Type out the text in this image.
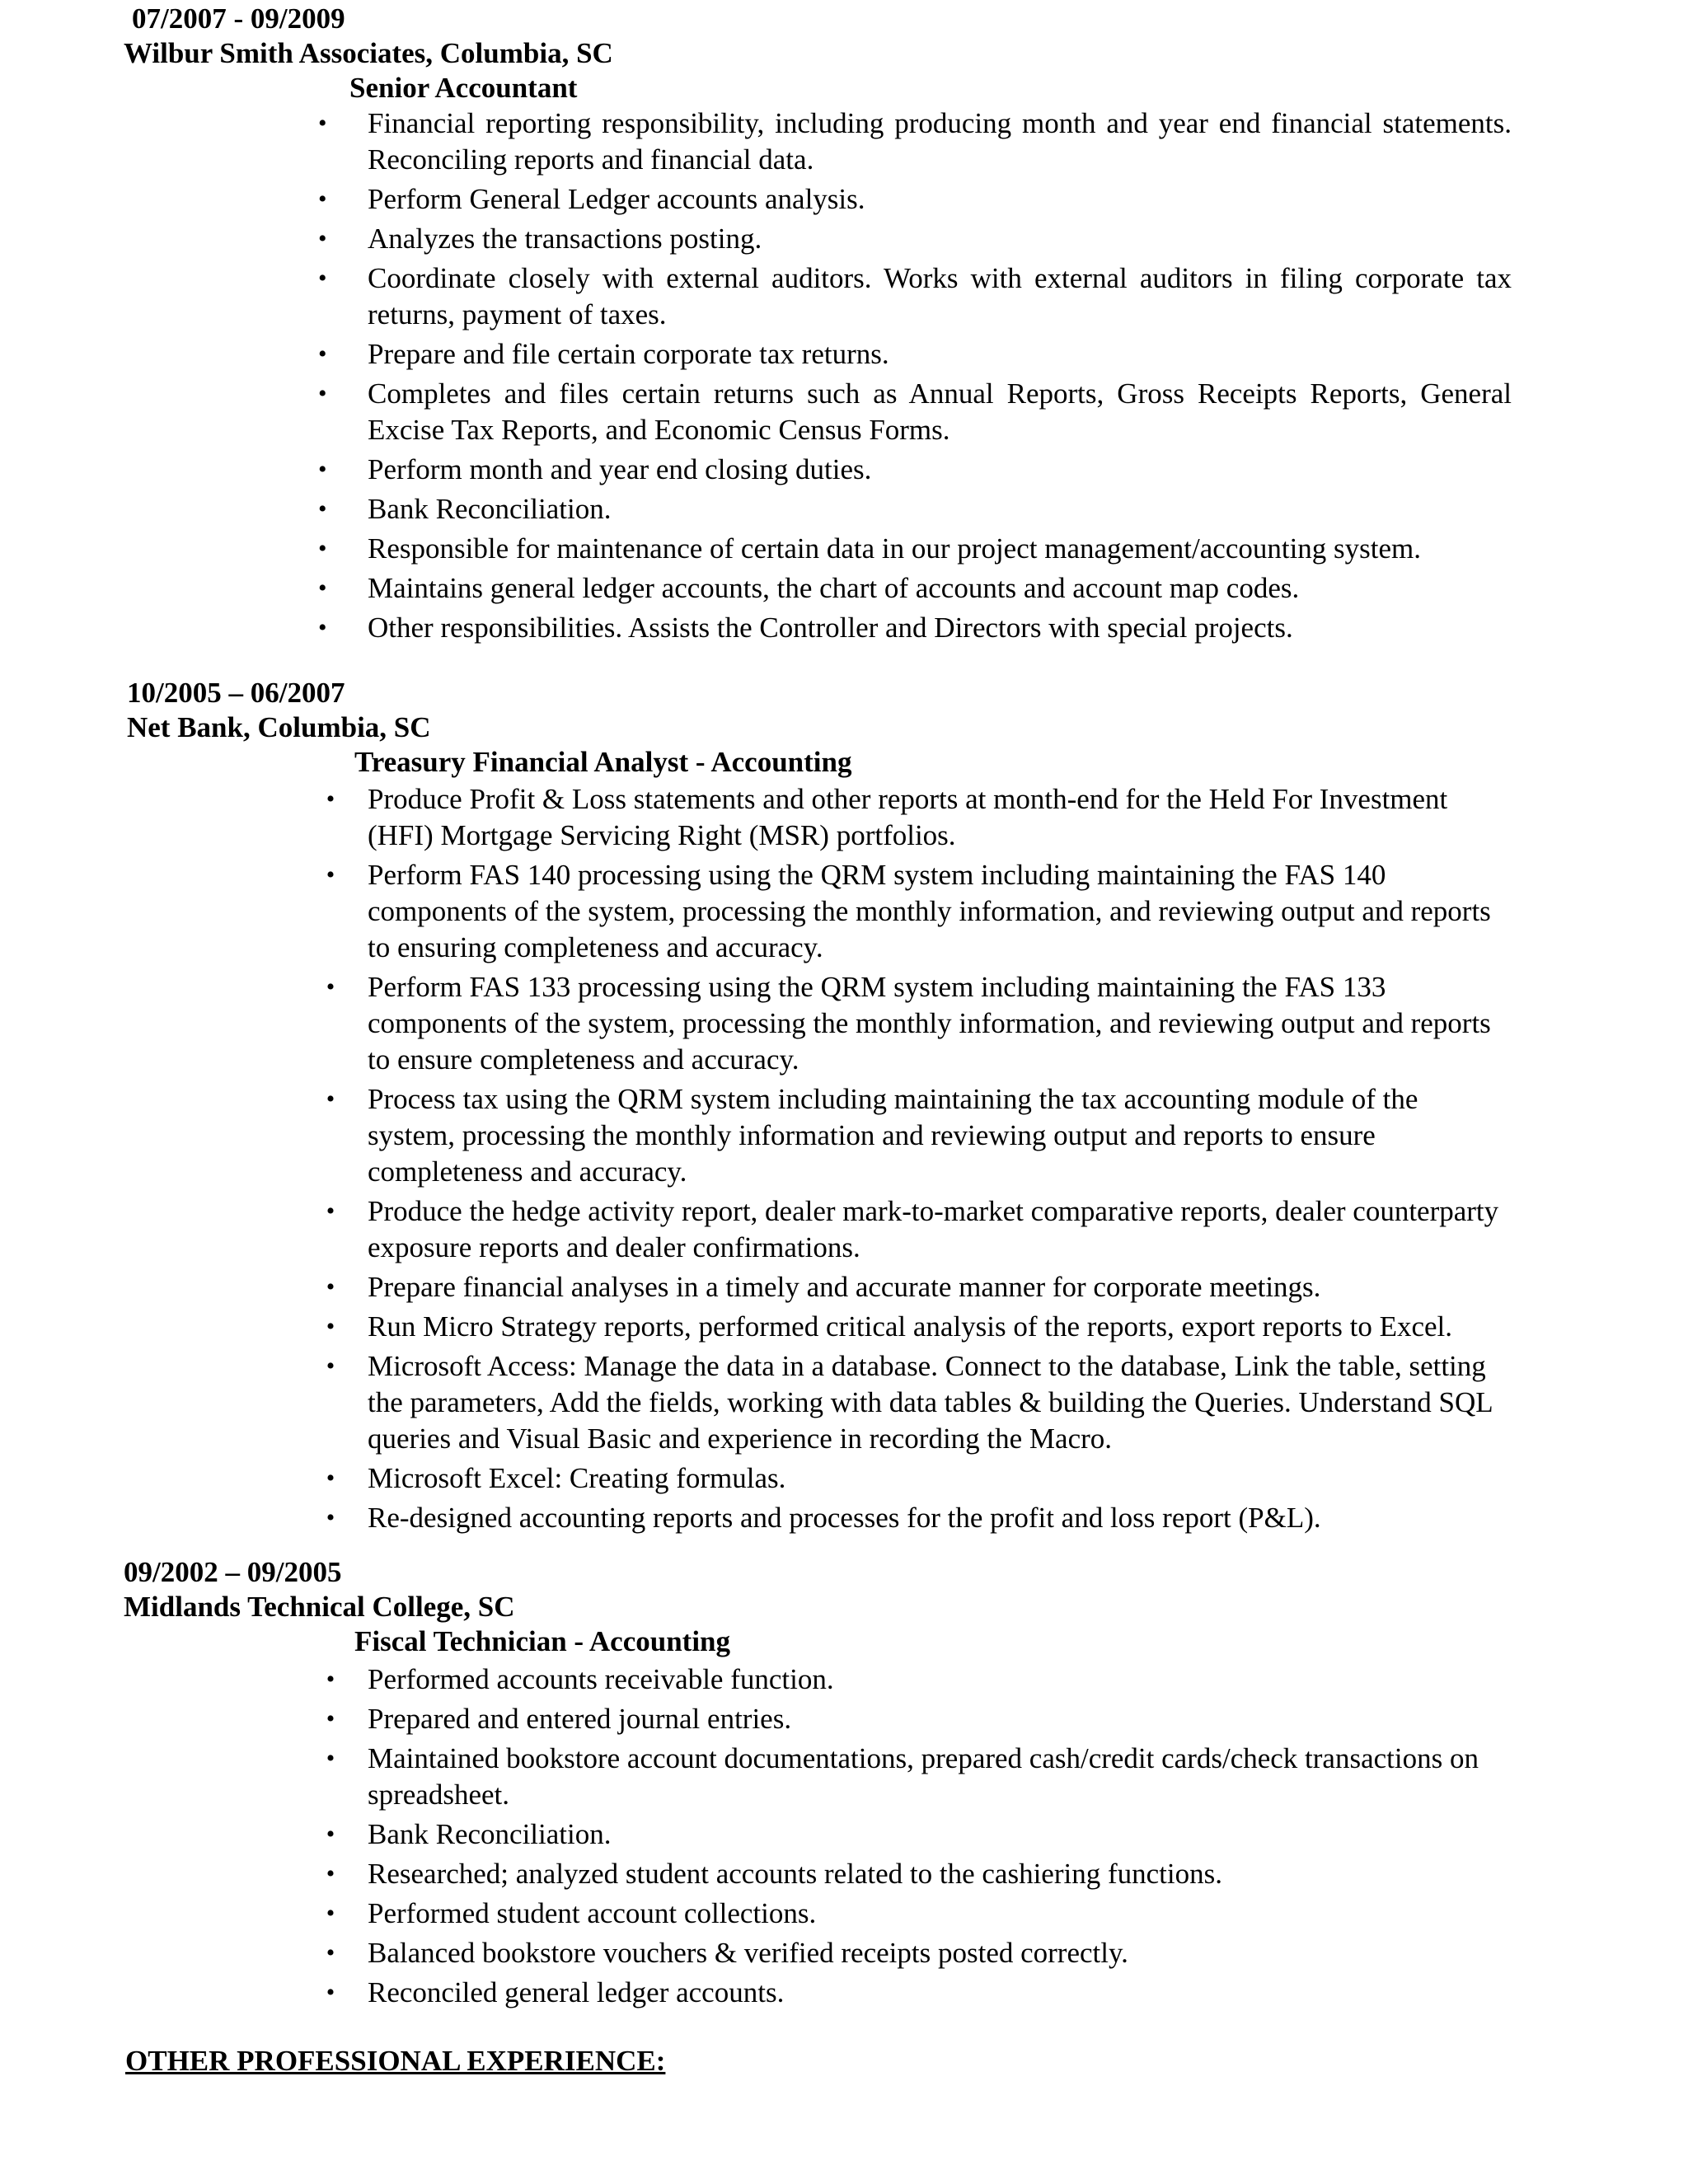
07/2007 - 09/2009
Wilbur Smith Associates, Columbia, SC
Senior Accountant
•	Financial reporting responsibility, including producing month and year end financial statements. Reconciling reports and financial data.
•	Perform General Ledger accounts analysis.
•	Analyzes the transactions posting.
•	Coordinate closely with external auditors. Works with external auditors in filing corporate tax returns, payment of taxes.
•	Prepare and file certain corporate tax returns.
•	Completes and files certain returns such as Annual Reports, Gross Receipts Reports, General Excise Tax Reports, and Economic Census Forms.
•	Perform month and year end closing duties.
•	Bank Reconciliation.
•	Responsible for maintenance of certain data in our project management/accounting system.
•	Maintains general ledger accounts, the chart of accounts and account map codes.
•	Other responsibilities. Assists the Controller and Directors with special projects.
10/2005 – 06/2007
Net Bank, Columbia, SC
Treasury Financial Analyst - Accounting
• Produce Profit & Loss statements and other reports at month-end for the Held For Investment (HFI) Mortgage Servicing Right (MSR) portfolios.
• Perform FAS 140 processing using the QRM system including maintaining the FAS 140 components of the system, processing the monthly information, and reviewing output and reports to ensuring completeness and accuracy.
• Perform FAS 133 processing using the QRM system including maintaining the FAS 133 components of the system, processing the monthly information, and reviewing output and reports to ensure completeness and accuracy.
• Process tax using the QRM system including maintaining the tax accounting module of the system, processing the monthly information and reviewing output and reports to ensure completeness and accuracy.
• Produce the hedge activity report, dealer mark-to-market comparative reports, dealer counterparty exposure reports and dealer confirmations.
• Prepare financial analyses in a timely and accurate manner for corporate meetings.
• Run Micro Strategy reports, performed critical analysis of the reports, export reports to Excel.
• Microsoft Access: Manage the data in a database. Connect to the database, Link the table, setting the parameters, Add the fields, working with data tables & building the Queries. Understand SQL queries and Visual Basic and experience in recording the Macro.
• Microsoft Excel: Creating formulas.
• Re-designed accounting reports and processes for the profit and loss report (P&L).
09/2002 – 09/2005
Midlands Technical College, SC
Fiscal Technician - Accounting
• Performed accounts receivable function.
• Prepared and entered journal entries.
• Maintained bookstore account documentations, prepared cash/credit cards/check transactions on spreadsheet.
• Bank Reconciliation.
• Researched; analyzed student accounts related to the cashiering functions.
• Performed student account collections.
• Balanced bookstore vouchers & verified receipts posted correctly.
• Reconciled general ledger accounts.
OTHER PROFESSIONAL EXPERIENCE:
